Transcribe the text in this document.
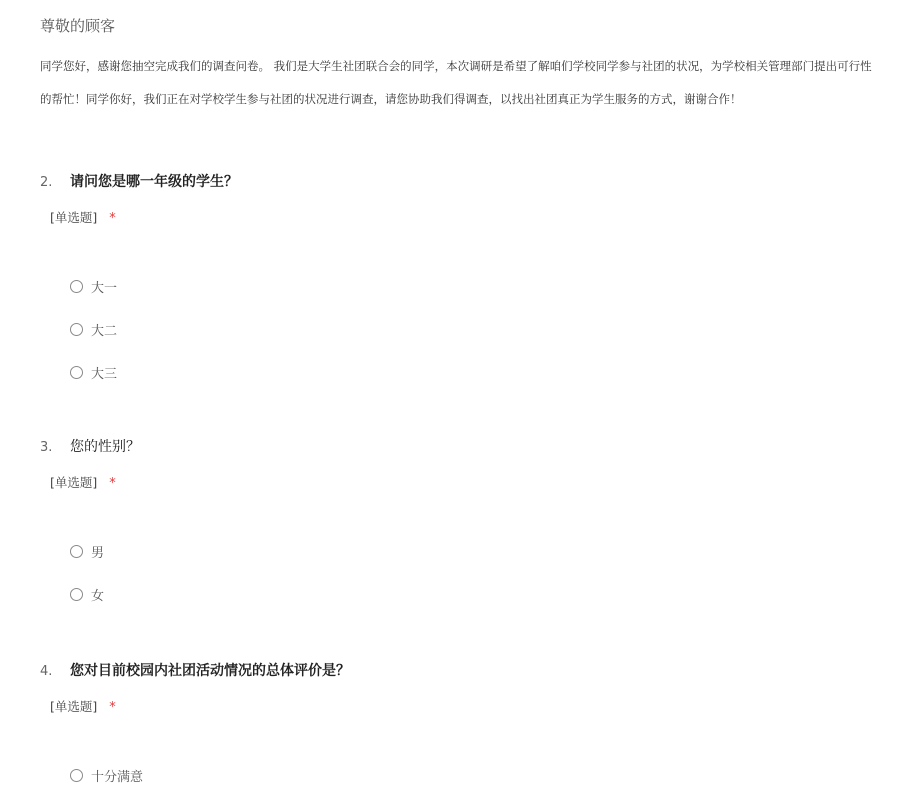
尊敬的顾客
同学您好，感谢您抽空完成我们的调查问卷。 我们是大学生社团联合会的同学，本次调研是希望了解咱们学校同学参与社团的状况，为学校相关管理部门提出可行性
的帮忙！同学你好，我们正在对学校学生参与社团的状况进行调查，请您协助我们得调查，以找出社团真正为学生服务的方式，谢谢合作！
2. 请问您是哪一年级的学生？
[单选题] *
大一
大二
大三
3. 您的性别？
[单选题] *
男
女
4. 您对目前校园内社团活动情况的总体评价是？
[单选题] *
十分满意
